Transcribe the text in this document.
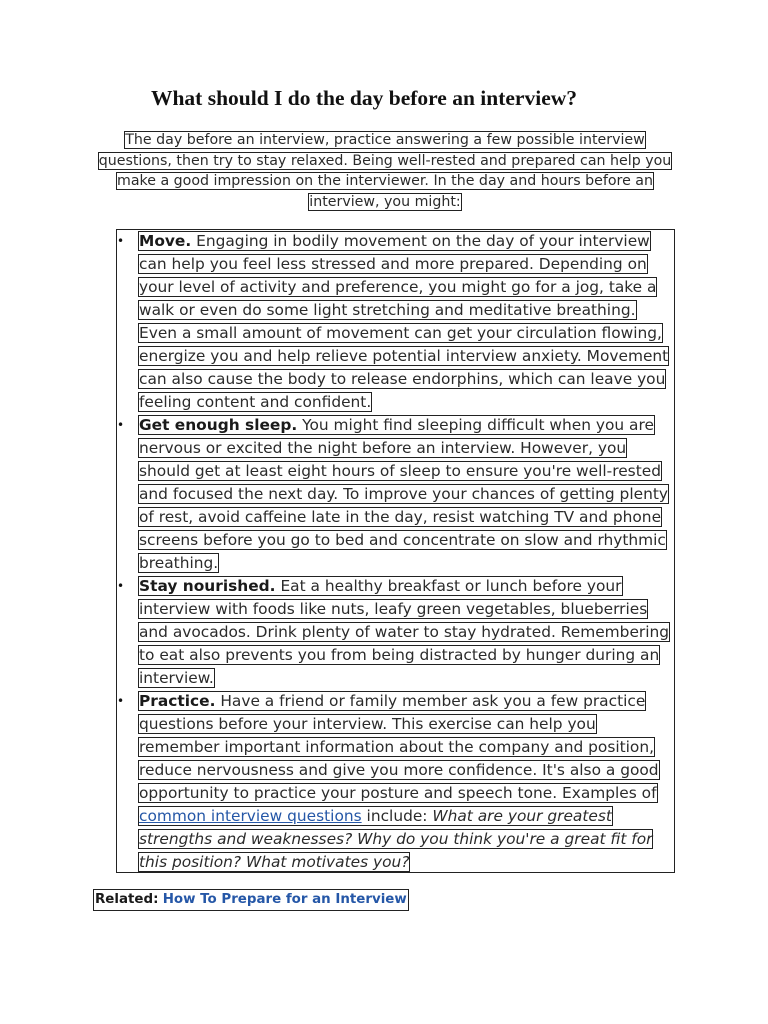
What should I do the day before an interview?

The day before an interview, practice answering a few possible interview questions, then try to stay relaxed. Being well-rested and prepared can help you make a good impression on the interviewer. In the day and hours before an interview, you might:

• Move. Engaging in bodily movement on the day of your interview can help you feel less stressed and more prepared. Depending on your level of activity and preference, you might go for a jog, take a walk or even do some light stretching and meditative breathing. Even a small amount of movement can get your circulation flowing, energize you and help relieve potential interview anxiety. Movement can also cause the body to release endorphins, which can leave you feeling content and confident.
• Get enough sleep. You might find sleeping difficult when you are nervous or excited the night before an interview. However, you should get at least eight hours of sleep to ensure you're well-rested and focused the next day. To improve your chances of getting plenty of rest, avoid caffeine late in the day, resist watching TV and phone screens before you go to bed and concentrate on slow and rhythmic breathing.
• Stay nourished. Eat a healthy breakfast or lunch before your interview with foods like nuts, leafy green vegetables, blueberries and avocados. Drink plenty of water to stay hydrated. Remembering to eat also prevents you from being distracted by hunger during an interview.
• Practice. Have a friend or family member ask you a few practice questions before your interview. This exercise can help you remember important information about the company and position, reduce nervousness and give you more confidence. It's also a good opportunity to practice your posture and speech tone. Examples of common interview questions include: What are your greatest strengths and weaknesses? Why do you think you're a great fit for this position? What motivates you?

Related: How To Prepare for an Interview
